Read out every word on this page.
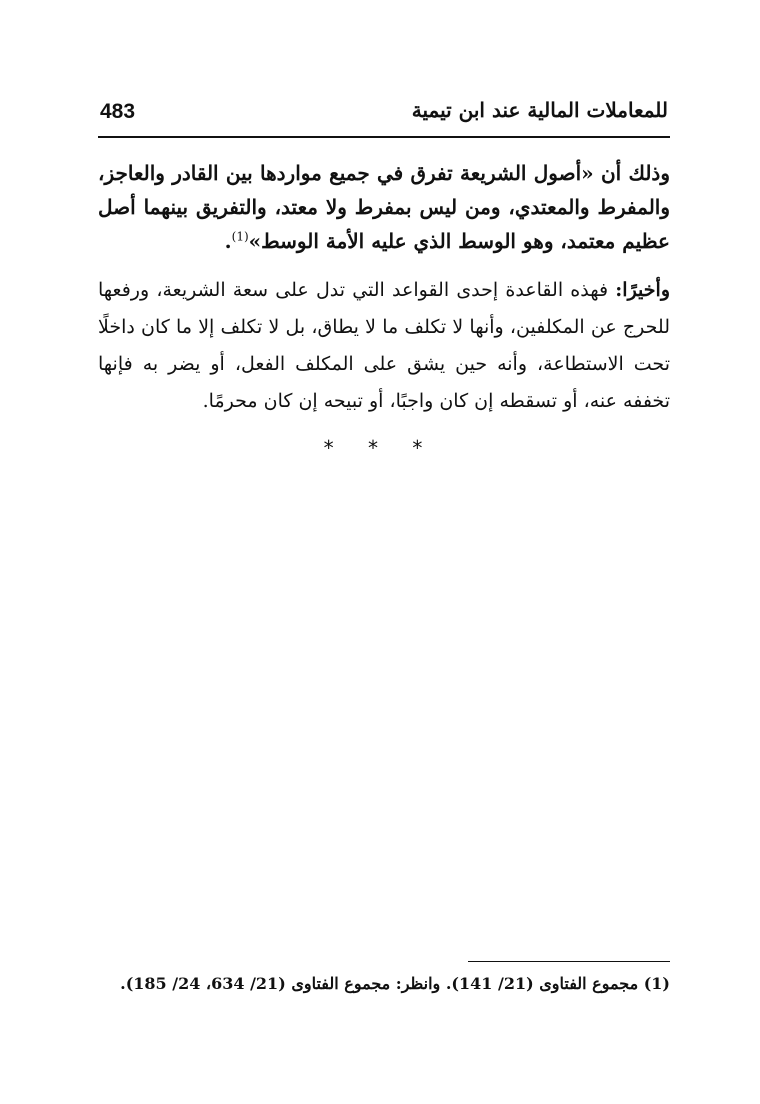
483	للمعاملات المالية عند ابن تيمية

وذلك أن «أصول الشريعة تفرق في جميع مواردها بين القادر والعاجز، والمفرط والمعتدي، ومن ليس بمفرط ولا معتد، والتفريق بينهما أصل عظيم معتمد، وهو الوسط الذي عليه الأمة الوسط»$^{(1)}$.

وأخيرًا: فهذه القاعدة إحدى القواعد التي تدل على سعة الشريعة، ورفعها للحرج عن المكلفين، وأنها لا تكلف ما لا يطاق، بل لا تكلف إلا ما كان داخلًا تحت الاستطاعة، وأنه حين يشق على المكلف الفعل، أو يضر به فإنها تخففه عنه، أو تسقطه إن كان واجبًا، أو تبيحه إن كان محرمًا.

* * *
(1) مجموع الفتاوى (21/ 141). وانظر: مجموع الفتاوى (21/ 634، 24/ 185).
